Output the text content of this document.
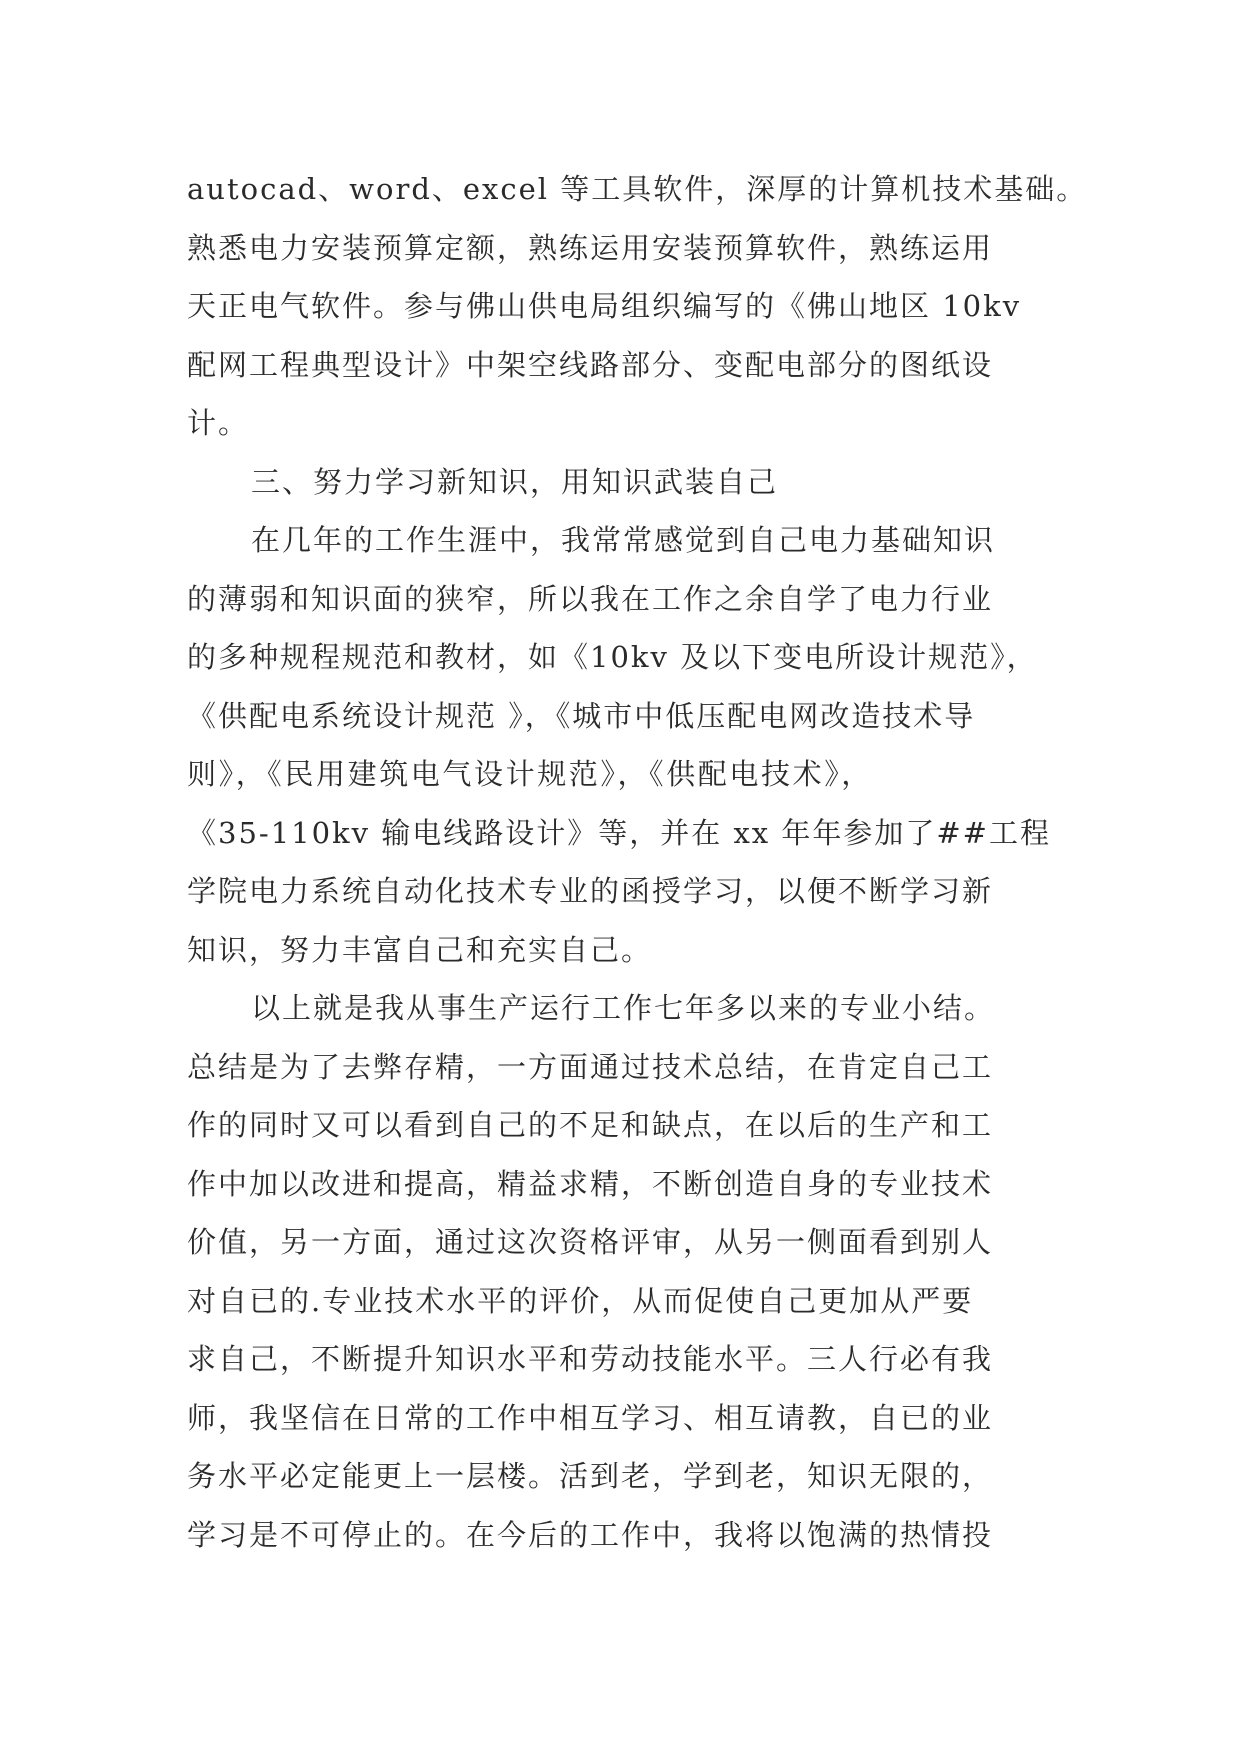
autocad、word、excel 等工具软件，深厚的计算机技术基础。
熟悉电力安装预算定额，熟练运用安装预算软件，熟练运用
天正电气软件。参与佛山供电局组织编写的《佛山地区 10kv
配网工程典型设计》中架空线路部分、变配电部分的图纸设
计。
三、努力学习新知识，用知识武装自己
在几年的工作生涯中，我常常感觉到自己电力基础知识
的薄弱和知识面的狭窄，所以我在工作之余自学了电力行业
的多种规程规范和教材，如《10kv 及以下变电所设计规范》，
《供配电系统设计规范 》，《城市中低压配电网改造技术导
则》，《民用建筑电气设计规范》，《供配电技术》，
《35-110kv 输电线路设计》等，并在 xx 年年参加了##工程
学院电力系统自动化技术专业的函授学习，以便不断学习新
知识，努力丰富自己和充实自己。
以上就是我从事生产运行工作七年多以来的专业小结。
总结是为了去弊存精，一方面通过技术总结，在肯定自己工
作的同时又可以看到自己的不足和缺点，在以后的生产和工
作中加以改进和提高，精益求精，不断创造自身的专业技术
价值，另一方面，通过这次资格评审，从另一侧面看到别人
对自已的.专业技术水平的评价，从而促使自己更加从严要
求自己，不断提升知识水平和劳动技能水平。三人行必有我
师，我坚信在日常的工作中相互学习、相互请教，自已的业
务水平必定能更上一层楼。活到老，学到老，知识无限的，
学习是不可停止的。在今后的工作中，我将以饱满的热情投
